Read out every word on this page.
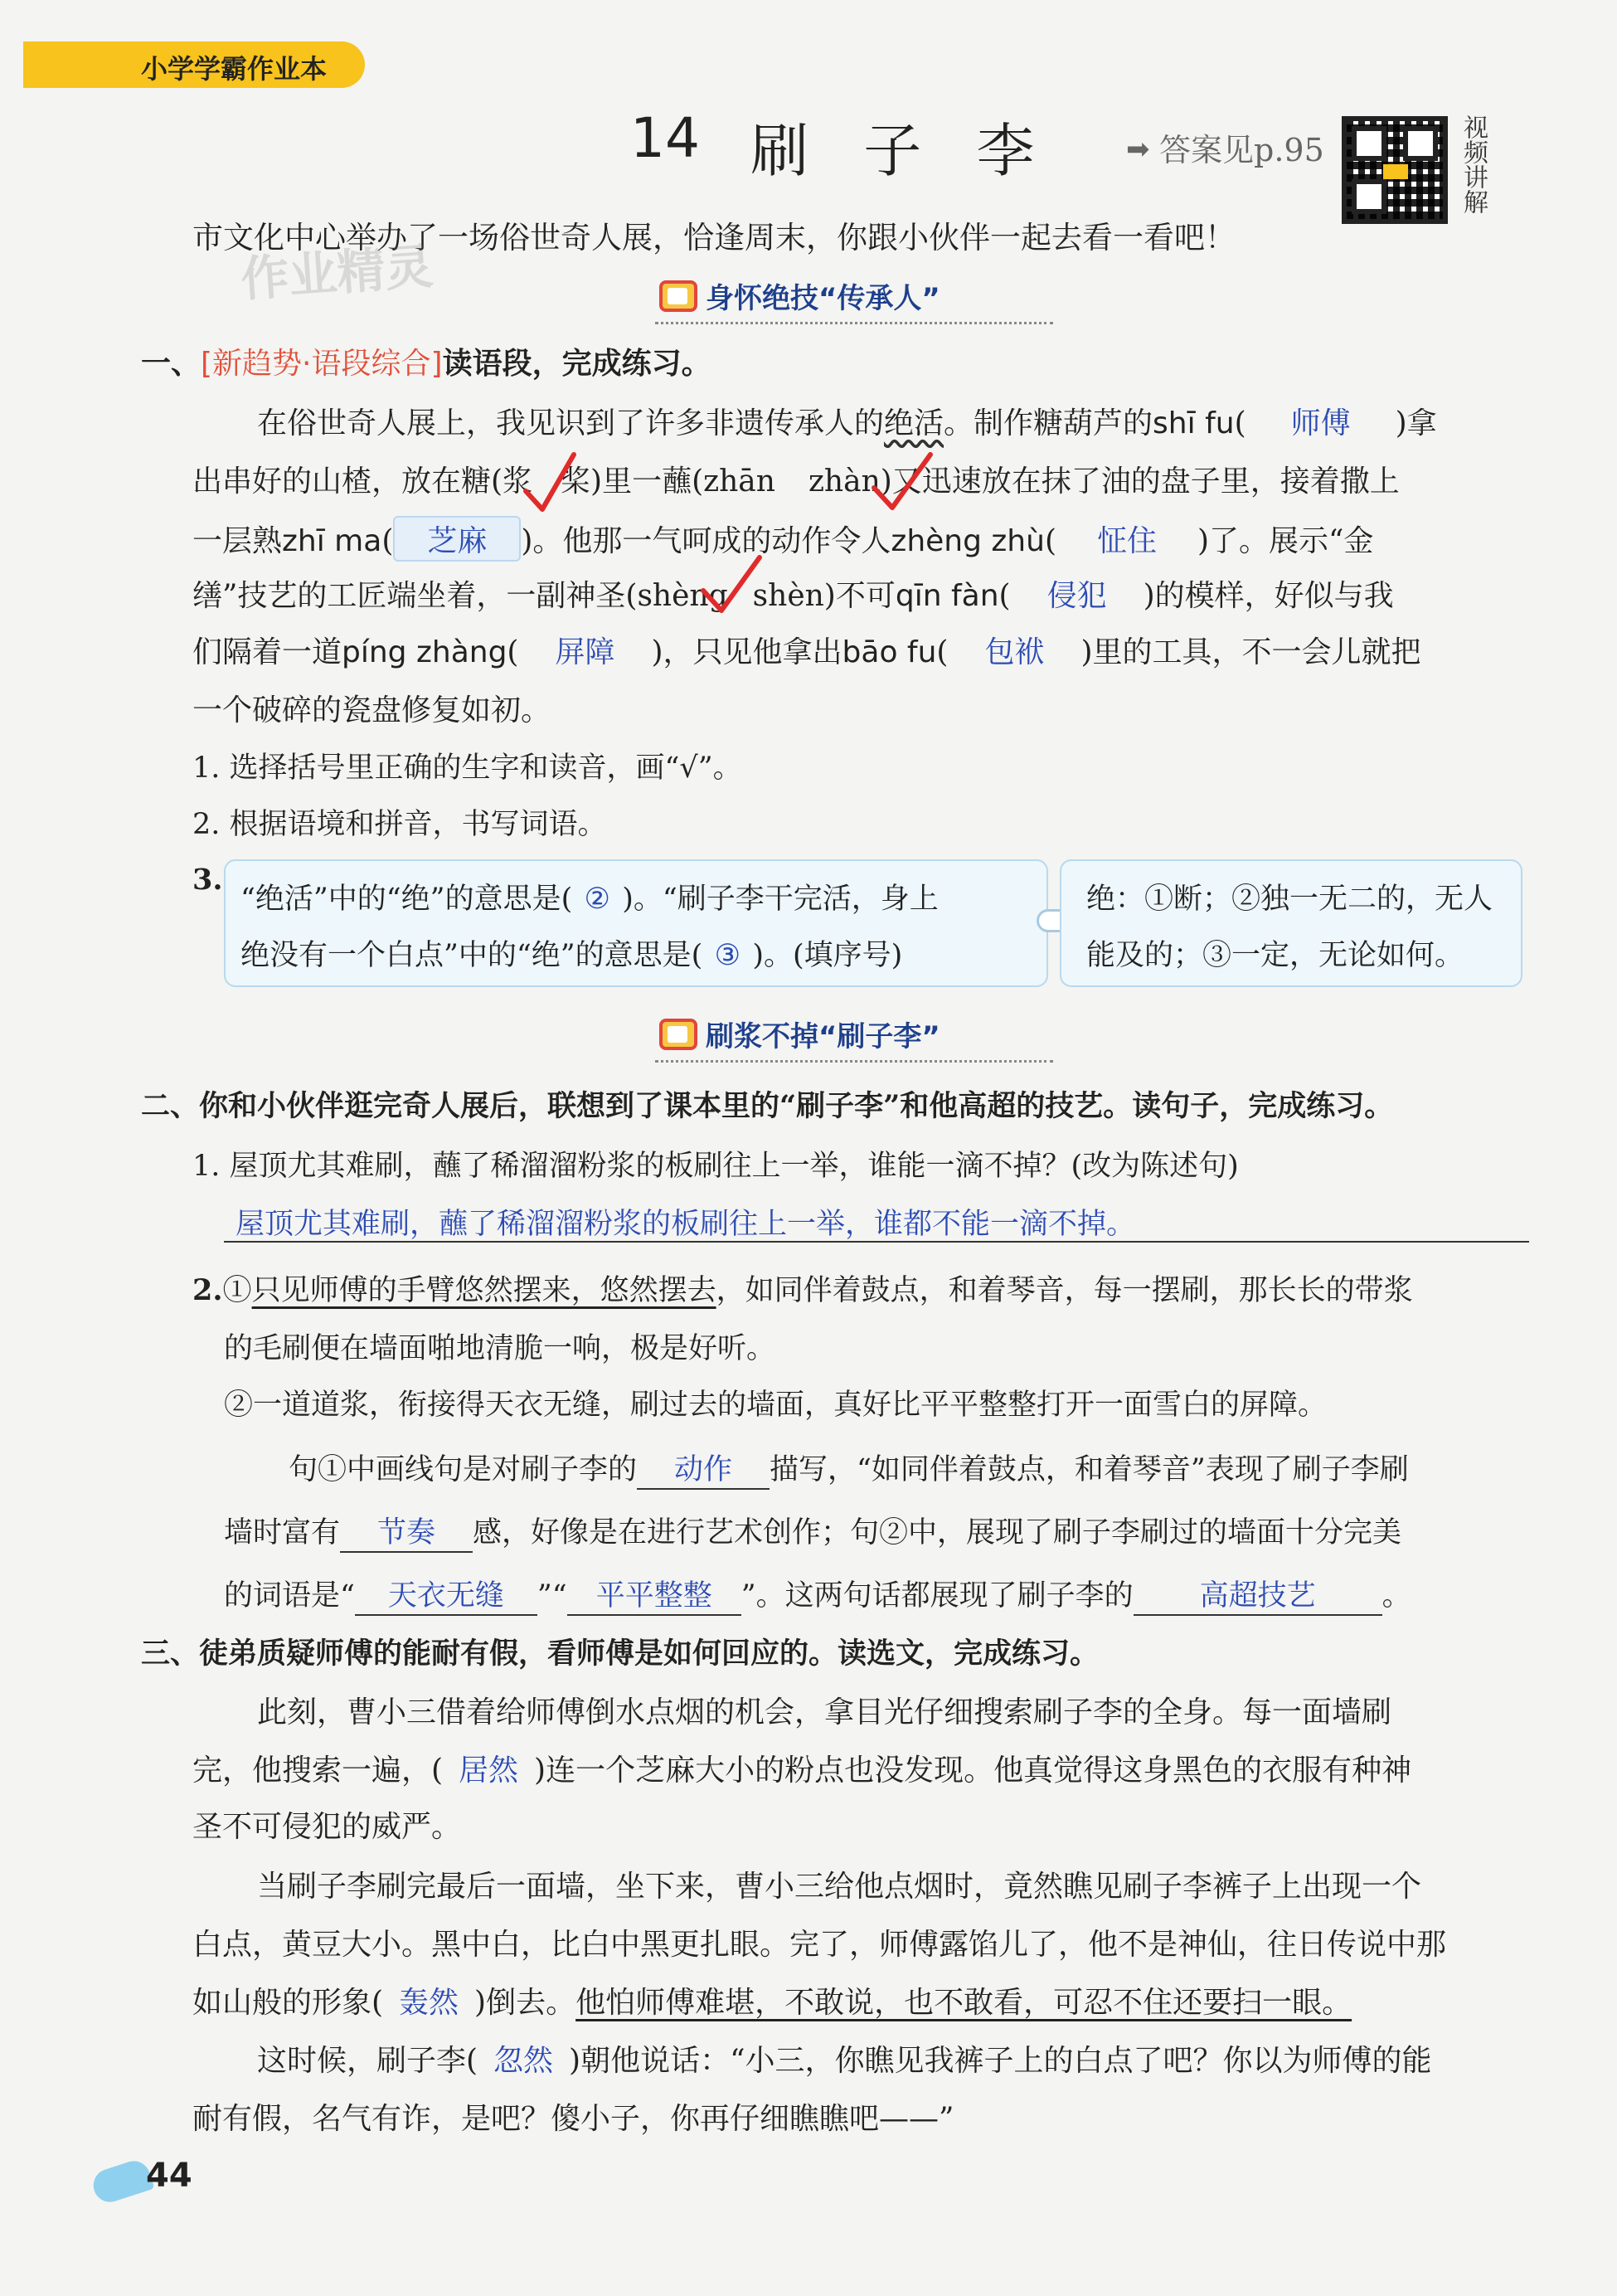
小学学霸作业本
14 刷 子 李	➡ 答案见p.95	视频讲解
市文化中心举办了一场俗世奇人展，恰逢周末，你跟小伙伴一起去看一看吧！
作业精灵	身怀绝技“传承人”
一、[新趋势·语段综合]读语段，完成练习。
在俗世奇人展上，我见识到了许多非遗传承人的绝活。制作糖葫芦的shī fu( 师傅 )拿
出串好的山楂，放在糖(浆 桨)里一蘸(zhān zhàn)又迅速放在抹了油的盘子里，接着撒上
一层熟zhī ma( 芝麻 )。他那一气呵成的动作令人zhèng zhù( 怔住 )了。展示“金
缮”技艺的工匠端坐着，一副神圣(shèng shèn)不可qīn fàn( 侵犯 )的模样，好似与我
们隔着一道píng zhàng( 屏障 )，只见他拿出bāo fu( 包袱 )里的工具，不一会儿就把
一个破碎的瓷盘修复如初。
1. 选择括号里正确的生字和读音，画“√”。
2. 根据语境和拼音，书写词语。
3.
“绝活”中的“绝”的意思是( ② )。“刷子李干完活，身上
绝没有一个白点”中的“绝”的意思是( ③ )。(填序号)
绝：①断；②独一无二的，无人
能及的；③一定，无论如何。
刷浆不掉“刷子李”
二、你和小伙伴逛完奇人展后，联想到了课本里的“刷子李”和他高超的技艺。读句子，完成练习。
1. 屋顶尤其难刷，蘸了稀溜溜粉浆的板刷往上一举，谁能一滴不掉？(改为陈述句)
屋顶尤其难刷，蘸了稀溜溜粉浆的板刷往上一举，谁都不能一滴不掉。
2.①只见师傅的手臂悠然摆来，悠然摆去，如同伴着鼓点，和着琴音，每一摆刷，那长长的带浆
的毛刷便在墙面啪地清脆一响，极是好听。
②一道道浆，衔接得天衣无缝，刷过去的墙面，真好比平平整整打开一面雪白的屏障。
句①中画线句是对刷子李的 动作 描写，“如同伴着鼓点，和着琴音”表现了刷子李刷
墙时富有 节奏 感，好像是在进行艺术创作；句②中，展现了刷子李刷过的墙面十分完美
的词语是“ 天衣无缝 ”“ 平平整整 ”。这两句话都展现了刷子李的 高超技艺 。
三、徒弟质疑师傅的能耐有假，看师傅是如何回应的。读选文，完成练习。
此刻，曹小三借着给师傅倒水点烟的机会，拿目光仔细搜索刷子李的全身。每一面墙刷
完，他搜索一遍，( 居然 )连一个芝麻大小的粉点也没发现。他真觉得这身黑色的衣服有种神
圣不可侵犯的威严。
当刷子李刷完最后一面墙，坐下来，曹小三给他点烟时，竟然瞧见刷子李裤子上出现一个
白点，黄豆大小。黑中白，比白中黑更扎眼。完了，师傅露馅儿了，他不是神仙，往日传说中那
如山般的形象( 轰然 )倒去。他怕师傅难堪，不敢说，也不敢看，可忍不住还要扫一眼。
这时候，刷子李( 忽然 )朝他说话：“小三，你瞧见我裤子上的白点了吧？你以为师傅的能
耐有假，名气有诈，是吧？傻小子，你再仔细瞧瞧吧——”
44
